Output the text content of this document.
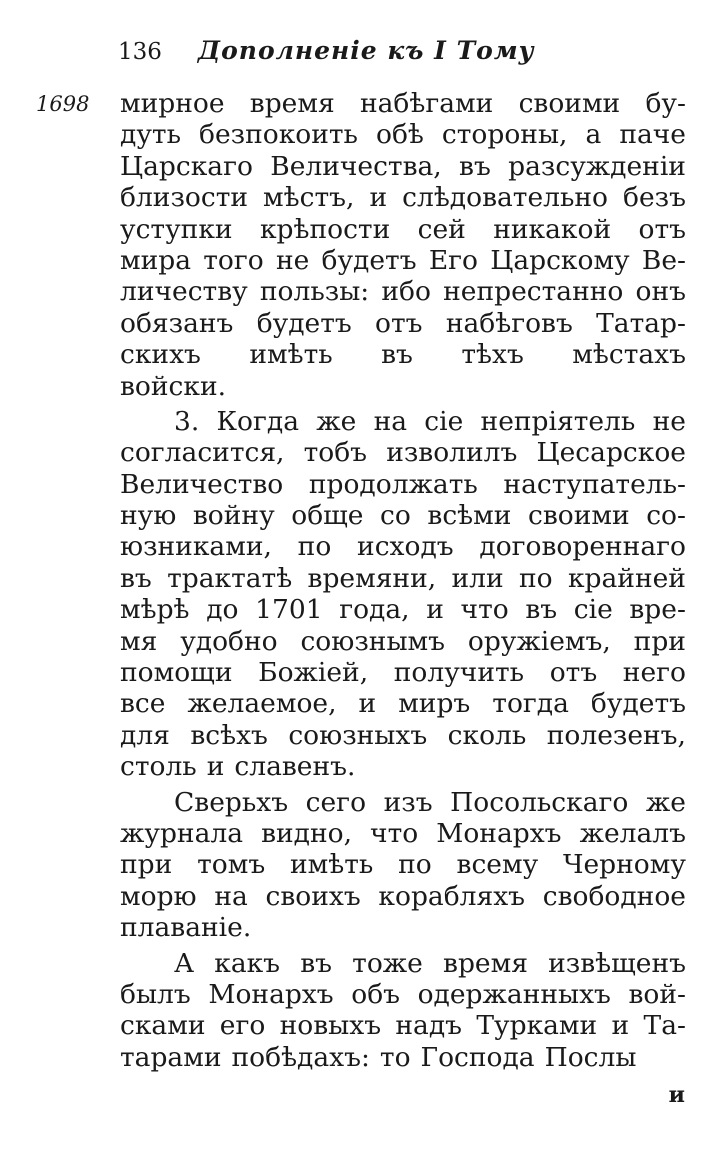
136 Дополненіе къ I Тому
1698 мирное время набѣгами своими бу-
дуть безпокоить обѣ стороны, а паче
Царскаго Величества, въ разсужденіи
близости мѣстъ, и слѣдовательно безъ
уступки крѣпости сей никакой отъ
мира того не будетъ Его Царскому Ве-
личеству пользы: ибо непрестанно онъ
обязанъ будетъ отъ набѣговъ Татар-
скихъ имѣть въ тѣхъ мѣстахъ
войски.
3. Когда же на сіе непріятель не
согласится, тобъ изволилъ Цесарское
Величество продолжать наступатель-
ную войну обще со всѣми своими со-
юзниками, по исходъ договореннаго
въ трактатѣ времяни, или по крайней
мѣрѣ до 1701 года, и что въ сіе вре-
мя удобно союзнымъ оружіемъ, при
помощи Божіей, получить отъ него
все желаемое, и миръ тогда будетъ
для всѣхъ союзныхъ сколь полезенъ,
столь и славенъ.
Сверьхъ сего изъ Посольскаго же
журнала видно, что Монархъ желалъ
при томъ имѣть по всему Черному
морю на своихъ корабляхъ свободное
плаваніе.
А какъ въ тоже время извѣщенъ
былъ Монархъ объ одержанныхъ вой-
сками его новыхъ надъ Турками и Та-
тарами побѣдахъ: то Господа Послы
и
